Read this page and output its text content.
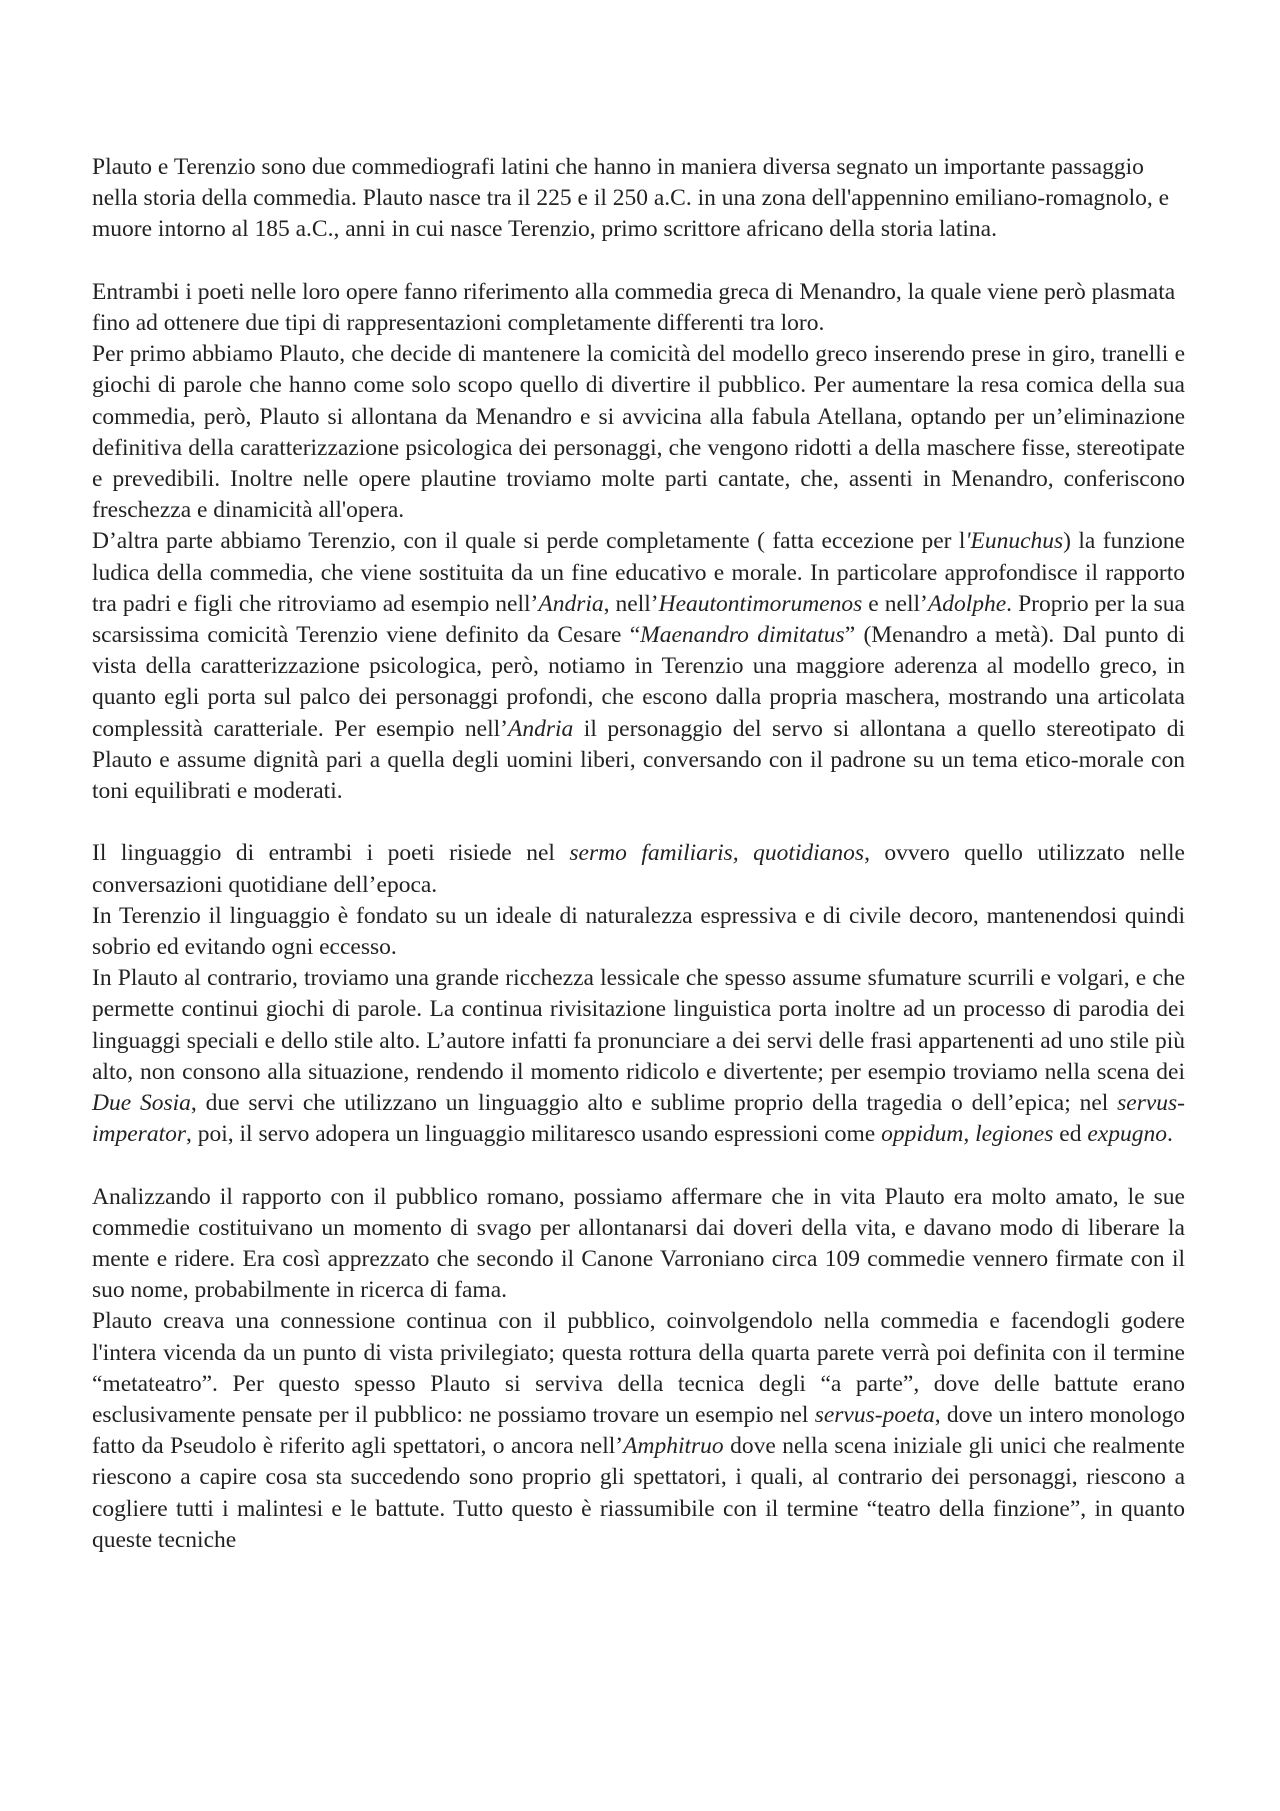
Plauto e Terenzio sono due commediografi latini che hanno in maniera diversa segnato un importante passaggio nella storia della commedia. Plauto nasce tra il 225 e il 250 a.C. in una zona dell'appennino emiliano-romagnolo, e muore intorno al 185 a.C., anni in cui nasce Terenzio, primo scrittore africano della storia latina.

Entrambi i poeti nelle loro opere fanno riferimento alla commedia greca di Menandro, la quale viene però plasmata fino ad ottenere due tipi di rappresentazioni completamente differenti tra loro.

Per primo abbiamo Plauto, che decide di mantenere la comicità del modello greco inserendo prese in giro, tranelli e giochi di parole che hanno come solo scopo quello di divertire il pubblico. Per aumentare la resa comica della sua commedia, però, Plauto si allontana da Menandro e si avvicina alla fabula Atellana, optando per un’eliminazione definitiva della caratterizzazione psicologica dei personaggi, che vengono ridotti a della maschere fisse, stereotipate e prevedibili. Inoltre nelle opere plautine troviamo molte parti cantate, che, assenti in Menandro, conferiscono freschezza e dinamicità all'opera.

D’altra parte abbiamo Terenzio, con il quale si perde completamente ( fatta eccezione per l'Eunuchus) la funzione ludica della commedia, che viene sostituita da un fine educativo e morale. In particolare approfondisce il rapporto tra padri e figli che ritroviamo ad esempio nell’Andria, nell’Heautontimorumenos e nell’Adolphe. Proprio per la sua scarsissima comicità Terenzio viene definito da Cesare “Maenandro dimitatus” (Menandro a metà). Dal punto di vista della caratterizzazione psicologica, però, notiamo in Terenzio una maggiore aderenza al modello greco, in quanto egli porta sul palco dei personaggi profondi, che escono dalla propria maschera, mostrando una articolata complessità caratteriale. Per esempio nell’Andria il personaggio del servo si allontana a quello stereotipato di Plauto e assume dignità pari a quella degli uomini liberi, conversando con il padrone su un tema etico-morale con toni equilibrati e moderati.

Il linguaggio di entrambi i poeti risiede nel sermo familiaris, quotidianos, ovvero quello utilizzato nelle conversazioni quotidiane dell’epoca.

In Terenzio il linguaggio è fondato su un ideale di naturalezza espressiva e di civile decoro, mantenendosi quindi sobrio ed evitando ogni eccesso.

In Plauto al contrario, troviamo una grande ricchezza lessicale che spesso assume sfumature scurrili e volgari, e che permette continui giochi di parole. La continua rivisitazione linguistica porta inoltre ad un processo di parodia dei linguaggi speciali e dello stile alto. L’autore infatti fa pronunciare a dei servi delle frasi appartenenti ad uno stile più alto, non consono alla situazione, rendendo il momento ridicolo e divertente; per esempio troviamo nella scena dei Due Sosia, due servi che utilizzano un linguaggio alto e sublime proprio della tragedia o dell’epica; nel servus-imperator, poi, il servo adopera un linguaggio militaresco usando espressioni come oppidum, legiones ed expugno.

Analizzando il rapporto con il pubblico romano, possiamo affermare che in vita Plauto era molto amato, le sue commedie costituivano un momento di svago per allontanarsi dai doveri della vita, e davano modo di liberare la mente e ridere. Era così apprezzato che secondo il Canone Varroniano circa 109 commedie vennero firmate con il suo nome, probabilmente in ricerca di fama.

Plauto creava una connessione continua con il pubblico, coinvolgendolo nella commedia e facendogli godere l'intera vicenda da un punto di vista privilegiato; questa rottura della quarta parete verrà poi definita con il termine “metateatro”. Per questo spesso Plauto si serviva della tecnica degli “a parte”, dove delle battute erano esclusivamente pensate per il pubblico: ne possiamo trovare un esempio nel servus-poeta, dove un intero monologo fatto da Pseudolo è riferito agli spettatori, o ancora nell’Amphitruo dove nella scena iniziale gli unici che realmente riescono a capire cosa sta succedendo sono proprio gli spettatori, i quali, al contrario dei personaggi, riescono a cogliere tutti i malintesi e le battute. Tutto questo è riassumibile con il termine “teatro della finzione”, in quanto queste tecniche
